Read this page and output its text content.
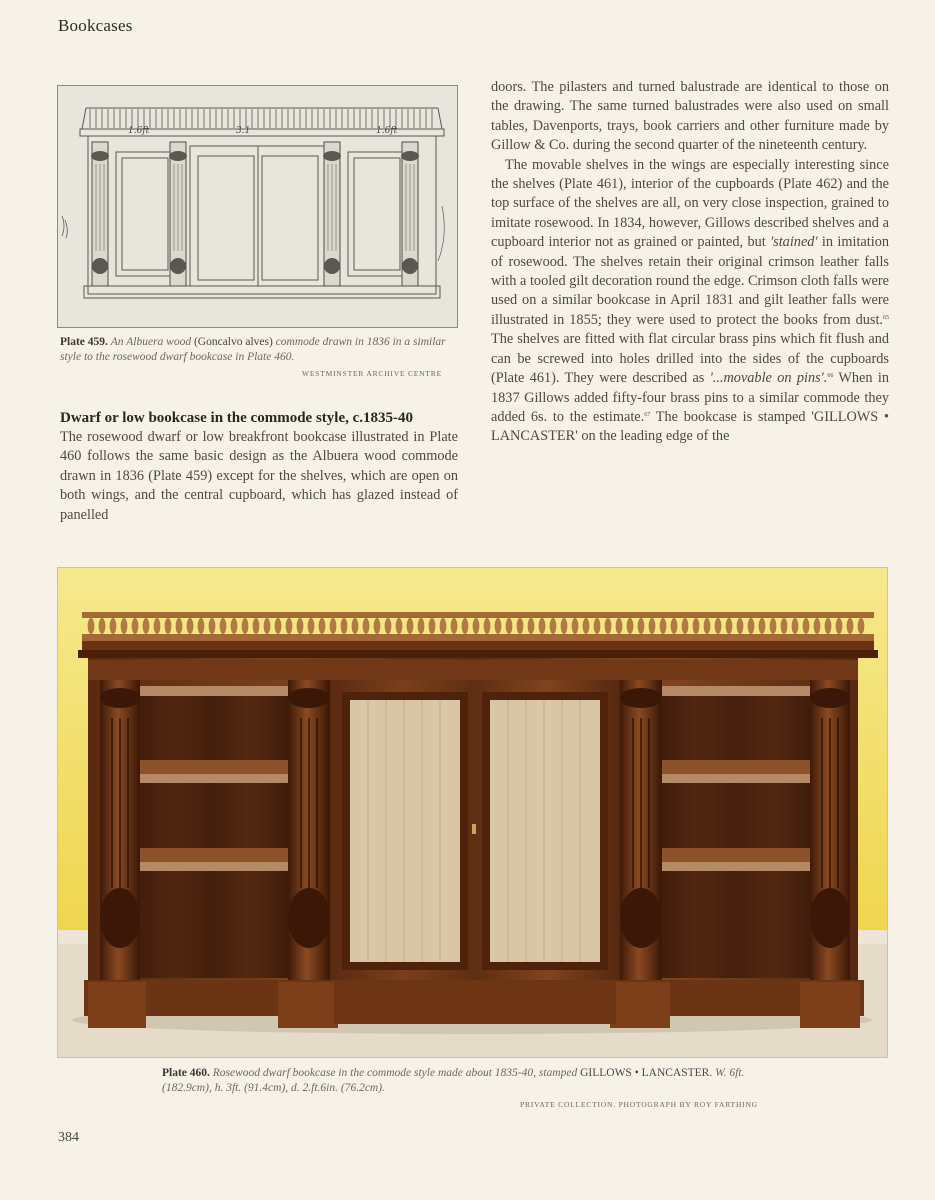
Bookcases
1.6ft	3.1	1.6ft
Plate 459. An Albuera wood (Goncalvo alves) commode drawn in 1836 in a similar style to the rosewood dwarf bookcase in Plate 460.
WESTMINSTER ARCHIVE CENTRE
Dwarf or low bookcase in the commode style, c.1835-40

The rosewood dwarf or low breakfront bookcase illustrated in Plate 460 follows the same basic design as the Albuera wood commode drawn in 1836 (Plate 459) except for the shelves, which are open on both wings, and the central cupboard, which has glazed instead of panelled

doors. The pilasters and turned balustrade are identical to those on the drawing. The same turned balustrades were also used on small tables, Davenports, trays, book carriers and other furniture made by Gillow & Co. during the second quarter of the nineteenth century.

The movable shelves in the wings are especially interesting since the shelves (Plate 461), interior of the cupboards (Plate 462) and the top surface of the shelves are all, on very close inspection, grained to imitate rosewood. In 1834, however, Gillows described shelves and a cupboard interior not as grained or painted, but 'stained' in imitation of rosewood. The shelves retain their original crimson leather falls with a tooled gilt decoration round the edge. Crimson cloth falls were used on a similar bookcase in April 1831 and gilt leather falls were illustrated in 1855; they were used to protect the books from dust.$^{65}$ The shelves are fitted with flat circular brass pins which fit flush and can be screwed into holes drilled into the sides of the cupboards (Plate 461). They were described as '...movable on pins'.$^{66}$ When in 1837 Gillows added fifty-four brass pins to a similar commode they added 6s. to the estimate.$^{67}$ The bookcase is stamped 'GILLOWS • LANCASTER' on the leading edge of the

Plate 460. Rosewood dwarf bookcase in the commode style made about 1835-40, stamped GILLOWS • LANCASTER. W. 6ft. (182.9cm), h. 3ft. (91.4cm), d. 2.ft.6in. (76.2cm).
PRIVATE COLLECTION. PHOTOGRAPH BY ROY FARTHING
384
